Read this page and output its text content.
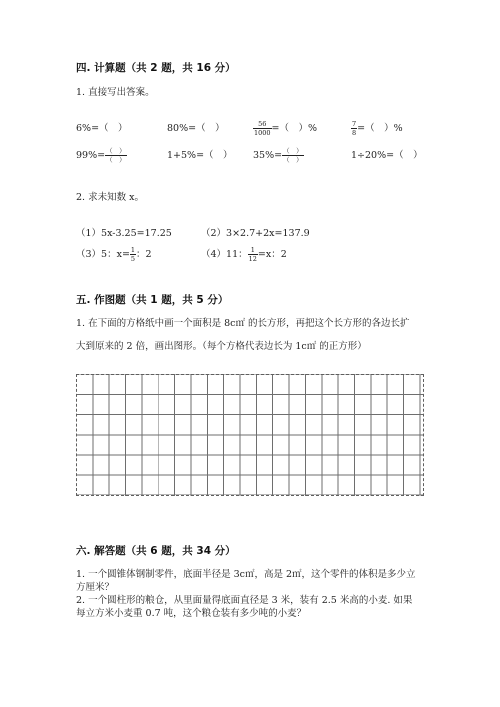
四. 计算题（共 2 题，共 16 分）
1. 直接写出答案。
6%=（　）	80%=（　）	$\frac{56}{1000}$ =（　）%	$\frac{7}{8}$ =（　）%
$99\%= \frac{( )}{( )}$	1+5%=（　） $35\%= \frac{( )}{( )}$	1÷20%=（　）
2. 求未知数 x。
（1）5x-3.25=17.25	（2）3×2.7+2x=137.9
（3）5：$x= \frac{1}{5}$ ：2	（4）11： $\frac{1}{12} =x$：2
五. 作图题（共 1 题，共 5 分）
1. 在下面的方格纸中画一个面积是 8c㎡ 的长方形，再把这个长方形的各边长扩
大到原来的 2 倍，画出图形。（每个方格代表边长为 1c㎡ 的正方形）
六. 解答题（共 6 题，共 34 分）
1. 一个圆锥体钢制零件，底面半径是 3c㎡，高是 2㎡，这个零件的体积是多少立
方厘米？
2. 一个圆柱形的粮仓，从里面量得底面直径是 3 米，装有 2.5 米高的小麦. 如果
每立方米小麦重 0.7 吨，这个粮仓装有多少吨的小麦？
